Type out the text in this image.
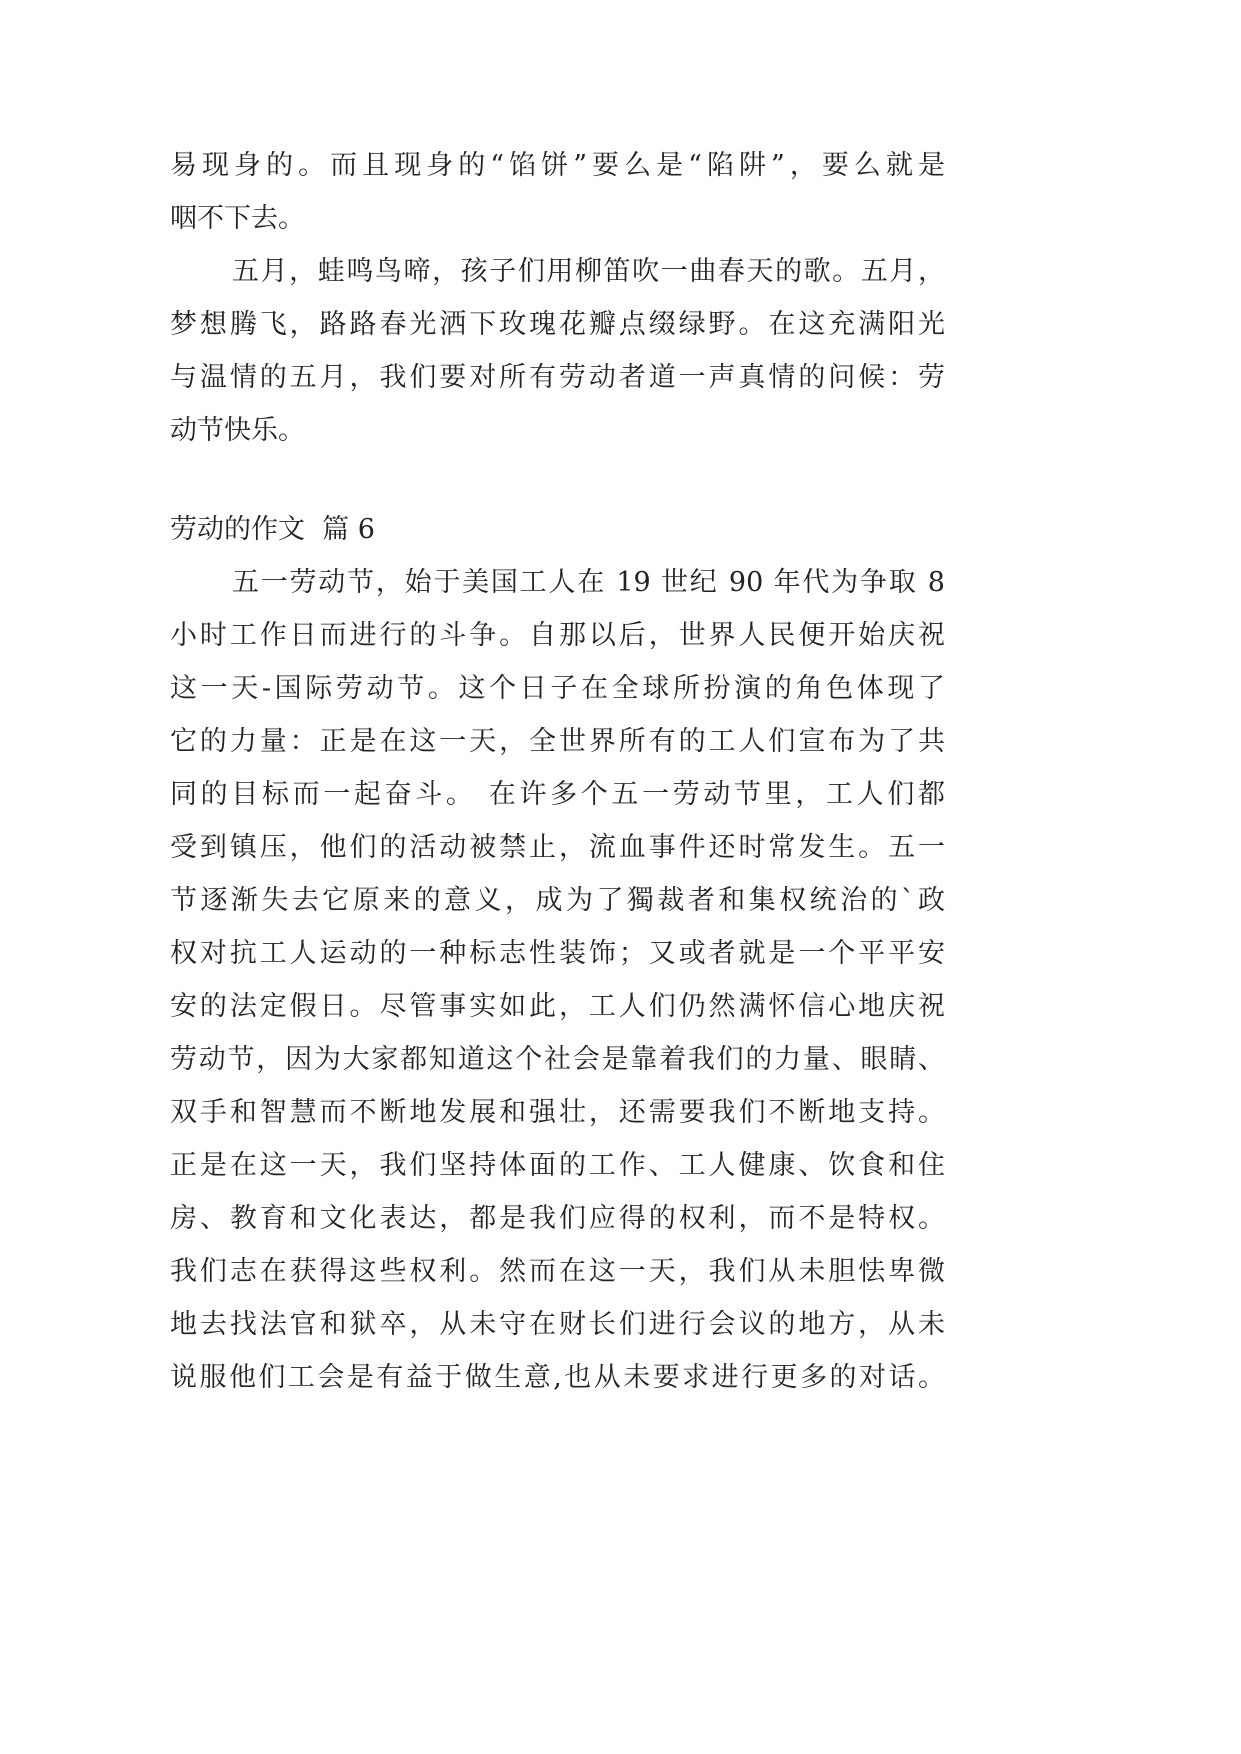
易现身的。而且现身的“馅饼”要么是“陷阱”，要么就是
咽不下去。
五月，蛙鸣鸟啼，孩子们用柳笛吹一曲春天的歌。五月，
梦想腾飞，路路春光洒下玫瑰花瓣点缀绿野。在这充满阳光
与温情的五月，我们要对所有劳动者道一声真情的问候：劳
动节快乐。
劳动的作文  篇 6
五一劳动节，始于美国工人在 19 世纪 90 年代为争取 8
小时工作日而进行的斗争。自那以后，世界人民便开始庆祝
这一天-国际劳动节。这个日子在全球所扮演的角色体现了
它的力量：正是在这一天，全世界所有的工人们宣布为了共
同的目标而一起奋斗。 在许多个五一劳动节里，工人们都
受到镇压，他们的活动被禁止，流血事件还时常发生。五一
节逐渐失去它原来的意义，成为了獨裁者和集权统治的`政
权对抗工人运动的一种标志性装饰；又或者就是一个平平安
安的法定假日。尽管事实如此，工人们仍然满怀信心地庆祝
劳动节，因为大家都知道这个社会是靠着我们的力量、眼睛、
双手和智慧而不断地发展和强壮，还需要我们不断地支持。
正是在这一天，我们坚持体面的工作、工人健康、饮食和住
房、教育和文化表达，都是我们应得的权利，而不是特权。
我们志在获得这些权利。然而在这一天，我们从未胆怯卑微
地去找法官和狱卒，从未守在财长们进行会议的地方，从未
说服他们工会是有益于做生意,也从未要求进行更多的对话。
